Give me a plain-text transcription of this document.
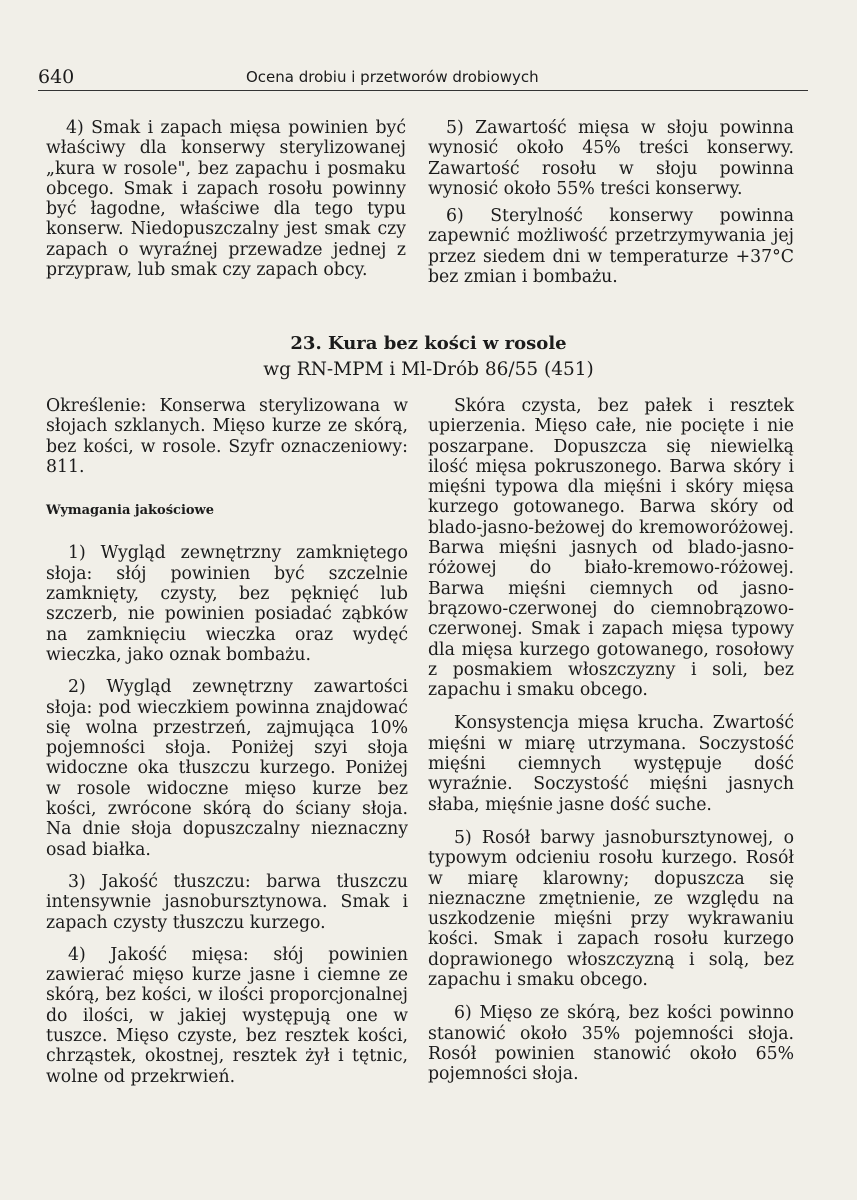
640	Ocena drobiu i przetworów drobiowych

4) Smak i zapach mięsa powinien być właściwy dla konserwy sterylizowanej „kura w rosole", bez zapachu i posmaku obcego. Smak i zapach rosołu powinny być łagodne, właściwe dla tego typu konserw. Niedopuszczalny jest smak czy zapach o wyraźnej przewadze jednej z przypraw, lub smak czy zapach obcy.

5) Zawartość mięsa w słoju powinna wynosić około 45% treści konserwy. Zawartość rosołu w słoju powinna wynosić około 55% treści konserwy.

6) Sterylność konserwy powinna zapewnić możliwość przetrzymywania jej przez siedem dni w temperaturze +37°C bez zmian i bombażu.

23. Kura bez kości w rosole
wg RN-MPM i Ml-Drób 86/55 (451)

Określenie: Konserwa sterylizowana w słojach szklanych. Mięso kurze ze skórą, bez kości, w rosole. Szyfr oznaczeniowy: 811.

Wymagania jakościowe

1) Wygląd zewnętrzny zamkniętego słoja: słój powinien być szczelnie zamknięty, czysty, bez pęknięć lub szczerb, nie powinien posiadać ząbków na zamknięciu wieczka oraz wydęć wieczka, jako oznak bombażu.

2) Wygląd zewnętrzny zawartości słoja: pod wieczkiem powinna znajdować się wolna przestrzeń, zajmująca 10% pojemności słoja. Poniżej szyi słoja widoczne oka tłuszczu kurzego. Poniżej w rosole widoczne mięso kurze bez kości, zwrócone skórą do ściany słoja. Na dnie słoja dopuszczalny nieznaczny osad białka.

3) Jakość tłuszczu: barwa tłuszczu intensywnie jasnobursztynowa. Smak i zapach czysty tłuszczu kurzego.

4) Jakość mięsa: słój powinien zawierać mięso kurze jasne i ciemne ze skórą, bez kości, w ilości proporcjonalnej do ilości, w jakiej występują one w tuszce. Mięso czyste, bez resztek kości, chrząstek, okostnej, resztek żył i tętnic, wolne od przekrwień.

Skóra czysta, bez pałek i resztek upierzenia. Mięso całe, nie pocięte i nie poszarpane. Dopuszcza się niewielką ilość mięsa pokruszonego. Barwa skóry i mięśni typowa dla mięśni i skóry mięsa kurzego gotowanego. Barwa skóry od blado-jasno-beżowej do kremoworóżowej. Barwa mięśni jasnych od blado-jasno-różowej do biało-kremowo-różowej. Barwa mięśni ciemnych od jasno-brązowo-czerwonej do ciemnobrązowo-czerwonej. Smak i zapach mięsa typowy dla mięsa kurzego gotowanego, rosołowy z posmakiem włoszczyzny i soli, bez zapachu i smaku obcego.

Konsystencja mięsa krucha. Zwartość mięśni w miarę utrzymana. Soczystość mięśni ciemnych występuje dość wyraźnie. Soczystość mięśni jasnych słaba, mięśnie jasne dość suche.

5) Rosół barwy jasnobursztynowej, o typowym odcieniu rosołu kurzego. Rosół w miarę klarowny; dopuszcza się nieznaczne zmętnienie, ze względu na uszkodzenie mięśni przy wykrawaniu kości. Smak i zapach rosołu kurzego doprawionego włoszczyzną i solą, bez zapachu i smaku obcego.

6) Mięso ze skórą, bez kości powinno stanowić około 35% pojemności słoja. Rosół powinien stanowić około 65% pojemności słoja.
